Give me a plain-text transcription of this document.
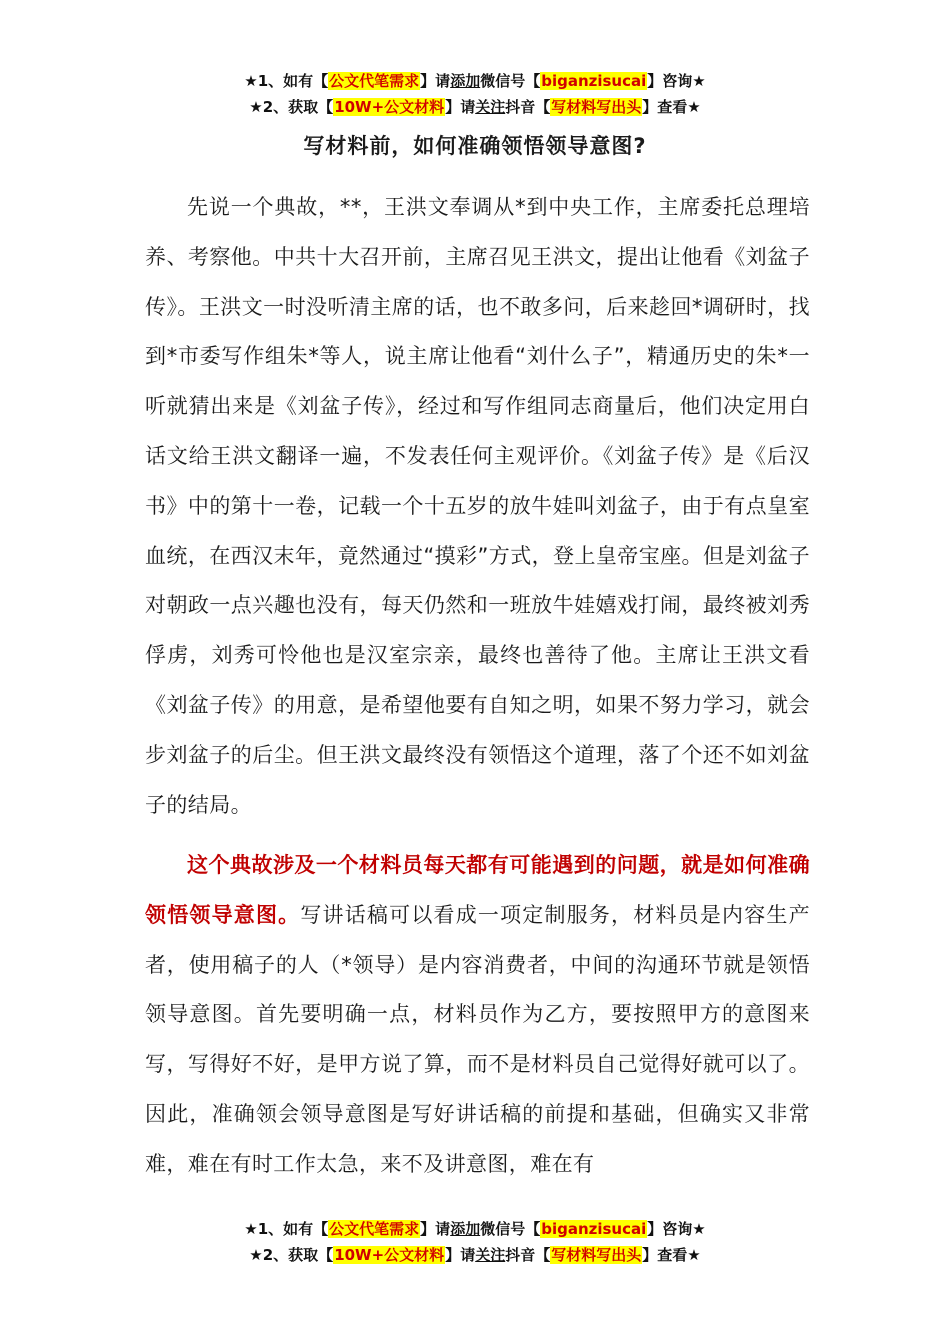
★1、如有【公文代笔需求】请添加微信号【biganzisucai】咨询★
★2、获取【10W+公文材料】请关注抖音【写材料写出头】查看★
写材料前，如何准确领悟领导意图?

先说一个典故，**，王洪文奉调从*到中央工作，主席委托总理培养、考察他。中共十大召开前，主席召见王洪文，提出让他看《刘盆子传》。王洪文一时没听清主席的话，也不敢多问，后来趁回*调研时，找到*市委写作组朱*等人，说主席让他看“刘什么子”，精通历史的朱*一听就猜出来是《刘盆子传》，经过和写作组同志商量后，他们决定用白话文给王洪文翻译一遍，不发表任何主观评价。《刘盆子传》是《后汉书》中的第十一卷，记载一个十五岁的放牛娃叫刘盆子，由于有点皇室血统，在西汉末年，竟然通过“摸彩”方式，登上皇帝宝座。但是刘盆子对朝政一点兴趣也没有，每天仍然和一班放牛娃嬉戏打闹，最终被刘秀俘虏，刘秀可怜他也是汉室宗亲，最终也善待了他。主席让王洪文看《刘盆子传》的用意，是希望他要有自知之明，如果不努力学习，就会步刘盆子的后尘。但王洪文最终没有领悟这个道理，落了个还不如刘盆子的结局。

这个典故涉及一个材料员每天都有可能遇到的问题，就是如何准确领悟领导意图。写讲话稿可以看成一项定制服务，材料员是内容生产者，使用稿子的人（*领导）是内容消费者，中间的沟通环节就是领悟领导意图。首先要明确一点，材料员作为乙方，要按照甲方的意图来写，写得好不好，是甲方说了算，而不是材料员自己觉得好就可以了。因此，准确领会领导意图是写好讲话稿的前提和基础，但确实又非常难，难在有时工作太急，来不及讲意图，难在有

★1、如有【公文代笔需求】请添加微信号【biganzisucai】咨询★
★2、获取【10W+公文材料】请关注抖音【写材料写出头】查看★
